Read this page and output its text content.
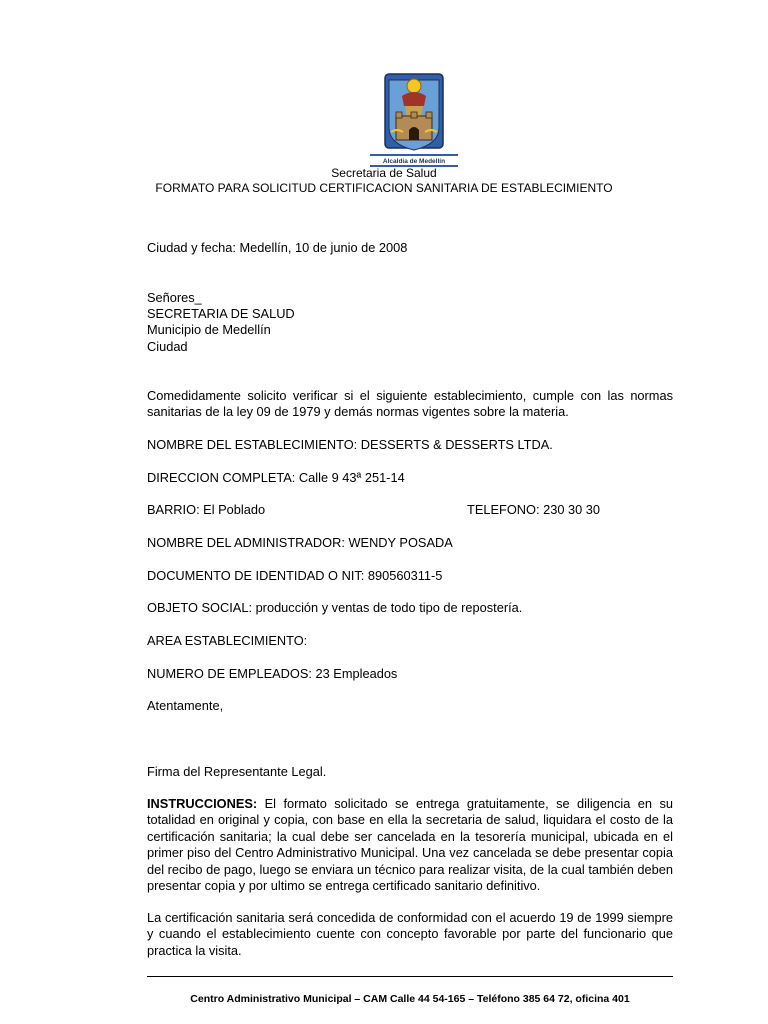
Alcaldía de Medellín
Secretaria de Salud
FORMATO PARA SOLICITUD CERTIFICACION SANITARIA DE ESTABLECIMIENTO
Ciudad y fecha: Medellín, 10 de junio de 2008
Señores_
SECRETARIA DE SALUD
Municipio de Medellín
Ciudad
Comedidamente solicito verificar si el siguiente establecimiento, cumple con las normas sanitarias de la ley 09 de 1979 y demás normas vigentes sobre la materia.
NOMBRE DEL ESTABLECIMIENTO: DESSERTS & DESSERTS LTDA.
DIRECCION COMPLETA: Calle 9 43ª 251-14
BARRIO: El Poblado	TELEFONO: 230 30 30
NOMBRE DEL ADMINISTRADOR: WENDY POSADA
DOCUMENTO DE IDENTIDAD O NIT: 890560311-5
OBJETO SOCIAL: producción y ventas de todo tipo de repostería.
AREA ESTABLECIMIENTO:
NUMERO DE EMPLEADOS: 23 Empleados
Atentamente,
Firma del Representante Legal.
INSTRUCCIONES: El formato solicitado se entrega gratuitamente, se diligencia en su totalidad en original y copia, con base en ella la secretaria de salud, liquidara el costo de la certificación sanitaria; la cual debe ser cancelada en la tesorería municipal, ubicada en el primer piso del Centro Administrativo Municipal. Una vez cancelada se debe presentar copia del recibo de pago, luego se enviara un técnico para realizar visita, de la cual también deben presentar copia y por ultimo se entrega certificado sanitario definitivo.
La certificación sanitaria será concedida de conformidad con el acuerdo 19 de 1999 siempre y cuando el establecimiento cuente con concepto favorable por parte del funcionario que practica la visita.
Centro Administrativo Municipal – CAM Calle 44 54-165 – Teléfono 385 64 72, oficina 401
